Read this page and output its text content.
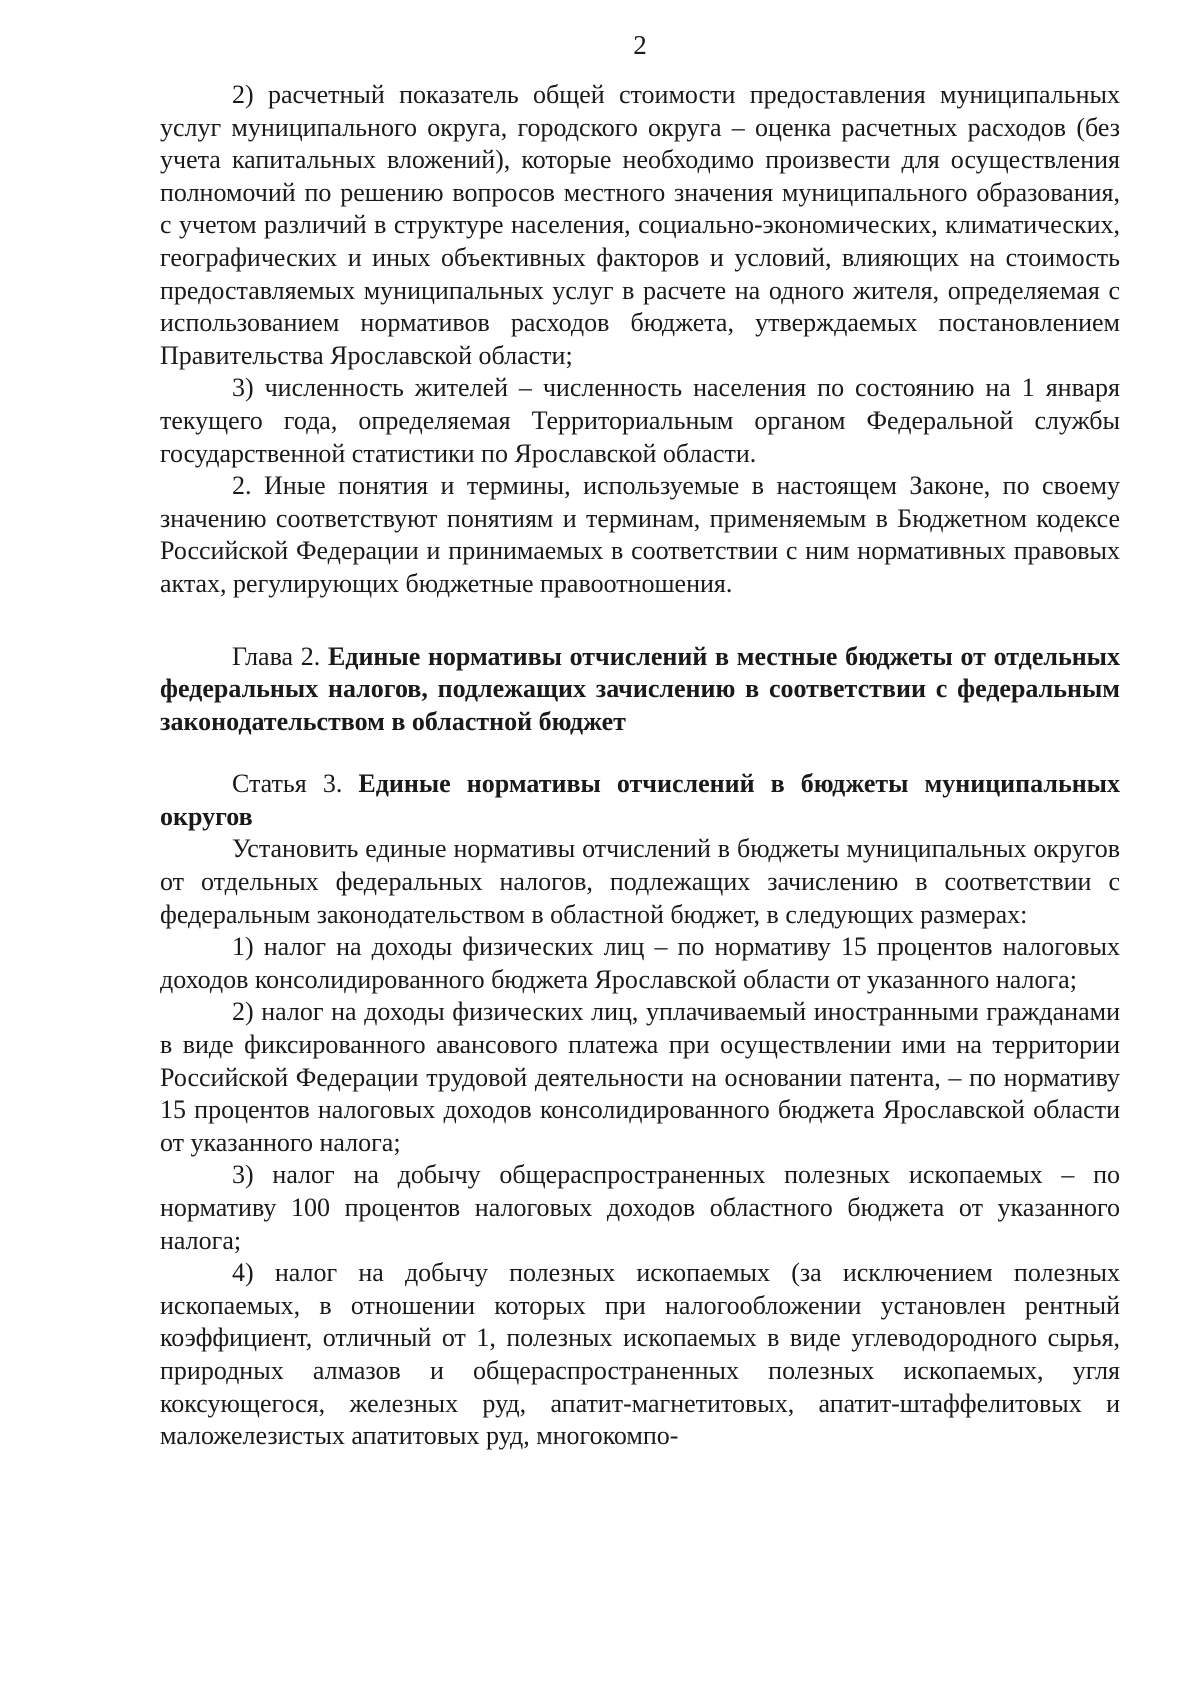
2

2) расчетный показатель общей стоимости предоставления муниципальных услуг муниципального округа, городского округа – оценка расчетных расходов (без учета капитальных вложений), которые необходимо произвести для осуществления полномочий по решению вопросов местного значения муниципального образования, с учетом различий в структуре населения, социально-экономических, климатических, географических и иных объективных факторов и условий, влияющих на стоимость предоставляемых муниципальных услуг в расчете на одного жителя, определяемая с использованием нормативов расходов бюджета, утверждаемых постановлением Правительства Ярославской области;

3) численность жителей – численность населения по состоянию на 1 января текущего года, определяемая Территориальным органом Федеральной службы государственной статистики по Ярославской области.

2. Иные понятия и термины, используемые в настоящем Законе, по своему значению соответствуют понятиям и терминам, применяемым в Бюджетном кодексе Российской Федерации и принимаемых в соответствии с ним нормативных правовых актах, регулирующих бюджетные правоотношения.

Глава 2. Единые нормативы отчислений в местные бюджеты от отдельных федеральных налогов, подлежащих зачислению в соответствии с федеральным законодательством в областной бюджет

Статья 3. Единые нормативы отчислений в бюджеты муниципальных округов

Установить единые нормативы отчислений в бюджеты муниципальных округов от отдельных федеральных налогов, подлежащих зачислению в соответствии с федеральным законодательством в областной бюджет, в следующих размерах:

1) налог на доходы физических лиц – по нормативу 15 процентов налоговых доходов консолидированного бюджета Ярославской области от указанного налога;

2) налог на доходы физических лиц, уплачиваемый иностранными гражданами в виде фиксированного авансового платежа при осуществлении ими на территории Российской Федерации трудовой деятельности на основании патента, – по нормативу 15 процентов налоговых доходов консолидированного бюджета Ярославской области от указанного налога;

3) налог на добычу общераспространенных полезных ископаемых – по нормативу 100 процентов налоговых доходов областного бюджета от указанного налога;

4) налог на добычу полезных ископаемых (за исключением полезных ископаемых, в отношении которых при налогообложении установлен рентный коэффициент, отличный от 1, полезных ископаемых в виде углеводородного сырья, природных алмазов и общераспространенных полезных ископаемых, угля коксующегося, железных руд, апатит-магнетитовых, апатит-штаффелитовых и маложелезистых апатитовых руд, многокомпо-
